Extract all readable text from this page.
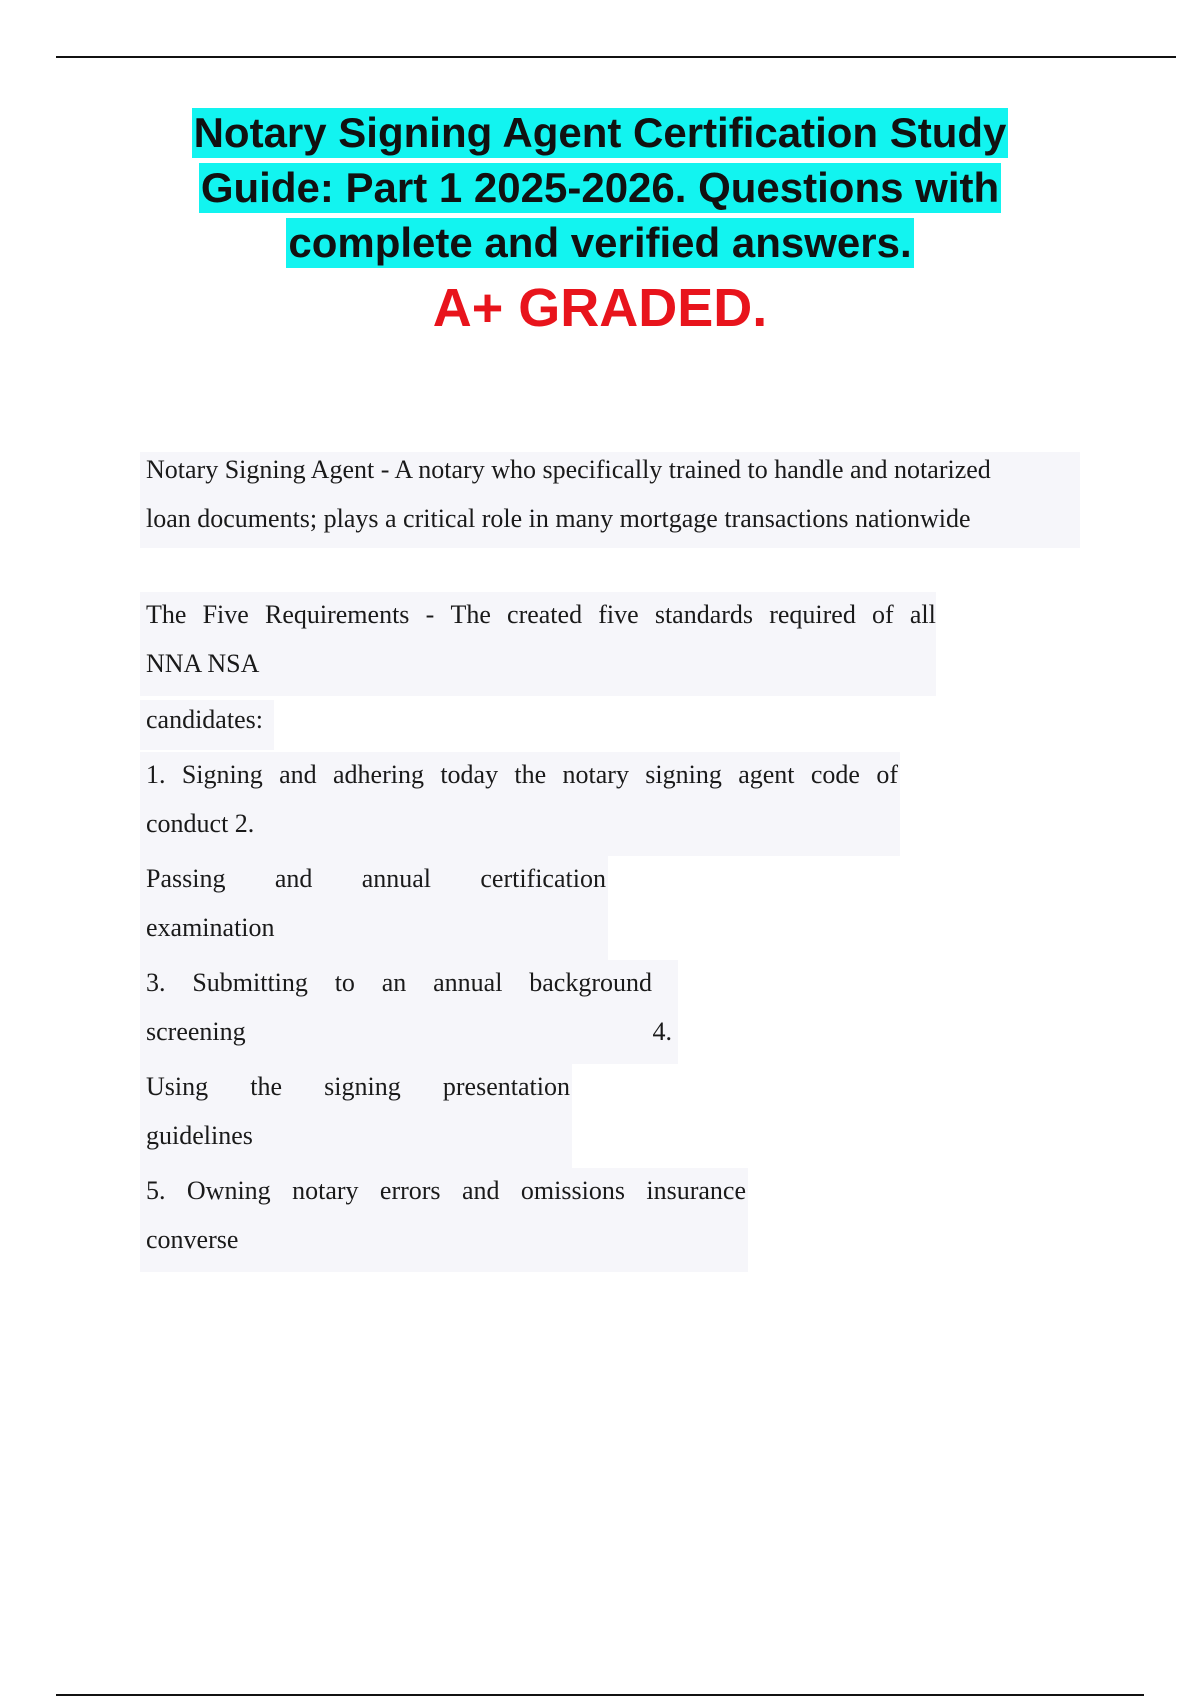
Notary Signing Agent Certification Study
Guide: Part 1 2025-2026. Questions with
complete and verified answers.
A+ GRADED.
Notary Signing Agent - A notary who specifically trained to handle and notarized
loan documents; plays a critical role in many mortgage transactions nationwide
The Five Requirements - The created five standards required of all
NNA NSA
candidates:
1. Signing and adhering today the notary signing agent code of
conduct 2.
Passing and annual certification
examination
3. Submitting to an annual background
screening	4.
Using the signing presentation
guidelines
5. Owning notary errors and omissions insurance
converse
